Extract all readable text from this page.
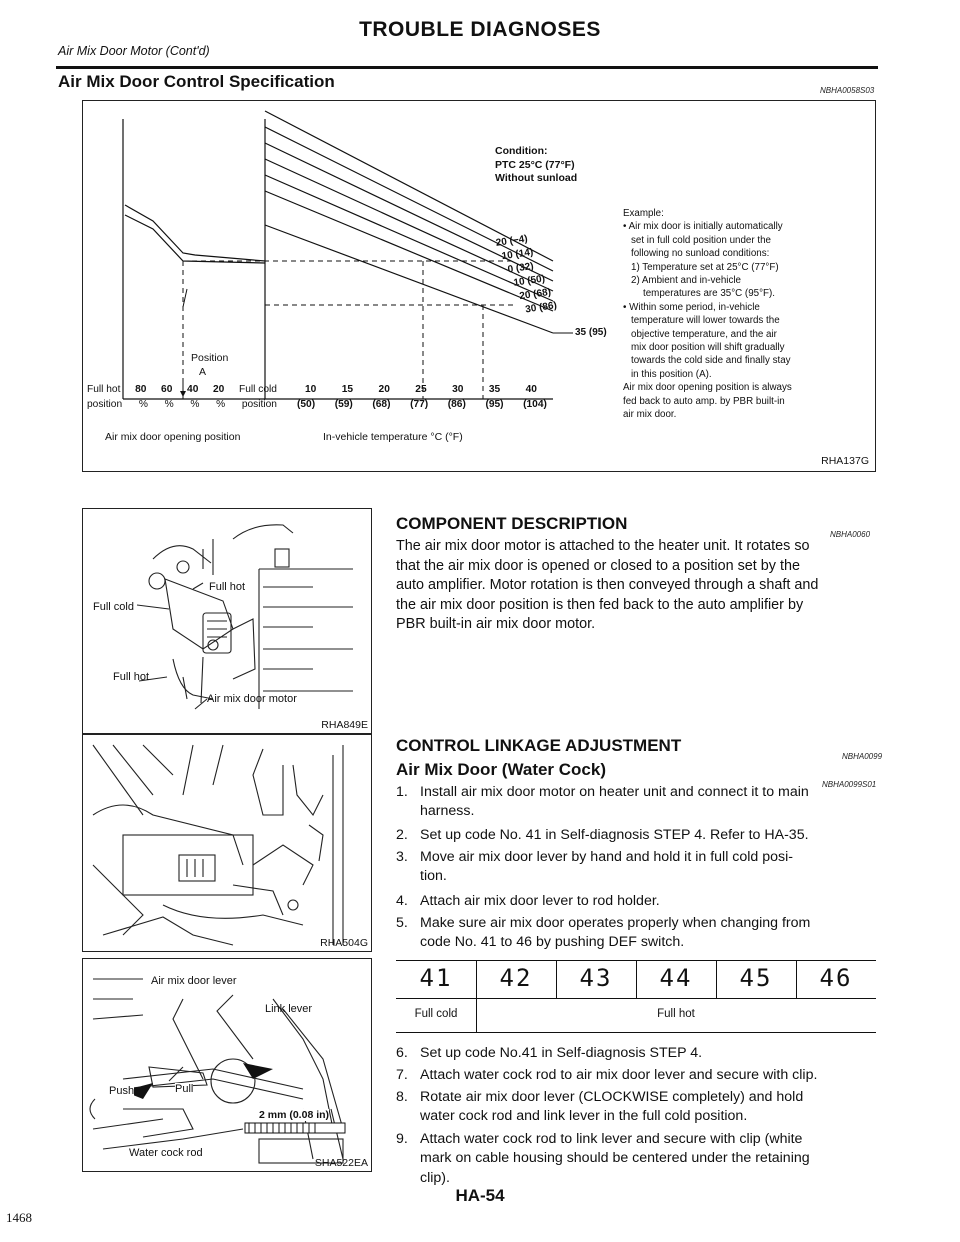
TROUBLE DIAGNOSES
Air Mix Door Motor (Cont'd)
Air Mix Door Control Specification	NBHA0058S03
Condition:
PTC 25°C (77°F)
Without sunload
20 (−4)
10 (14)
0 (32)
10 (50)
20 (68)
30 (86)
35 (95)
Position
A
Full hot 80 60 40 20 Full cold
position % % % % position
Air mix door opening position
10 15 20 25 30 35 40
(50) (59) (68) (77) (86) (95) (104)
In-vehicle temperature °C (°F)
Example:
• Air mix door is initially automatically
set in full cold position under the
following no sunload conditions:
1) Temperature set at 25°C (77°F)
2) Ambient and in-vehicle
temperatures are 35°C (95°F).
• Within some period, in-vehicle
temperature will lower towards the
objective temperature, and the air
mix door position will shift gradually
towards the cold side and finally stay
in this position (A).
Air mix door opening position is always
fed back to auto amp. by PBR built-in
air mix door.
RHA137G
Full hot
Full cold
Full hot
Air mix door motor
RHA849E
RHA504G
Air mix door lever
Link lever
Push	Pull
2 mm (0.08 in)
Water cock rod
SHA522EA
COMPONENT DESCRIPTION
NBHA0060
The air mix door motor is attached to the heater unit. It rotates so
that the air mix door is opened or closed to a position set by the
auto amplifier. Motor rotation is then conveyed through a shaft and
the air mix door position is then fed back to the auto amplifier by
PBR built-in air mix door motor.
CONTROL LINKAGE ADJUSTMENT
NBHA0099
Air Mix Door (Water Cock)
NBHA0099S01
1. Install air mix door motor on heater unit and connect it to main
harness.
2. Set up code No. 41 in Self-diagnosis STEP 4. Refer to HA-35.
3. Move air mix door lever by hand and hold it in full cold posi-
tion.
4. Attach air mix door lever to rod holder.
5. Make sure air mix door operates properly when changing from
code No. 41 to 46 by pushing DEF switch.
41	42	43	44	45	46
Full cold	Full hot
6. Set up code No.41 in Self-diagnosis STEP 4.
7. Attach water cock rod to air mix door lever and secure with clip.
8. Rotate air mix door lever (CLOCKWISE completely) and hold
water cock rod and link lever in the full cold position.
9. Attach water cock rod to link lever and secure with clip (white
mark on cable housing should be centered under the retaining
clip).
HA-54
1468
